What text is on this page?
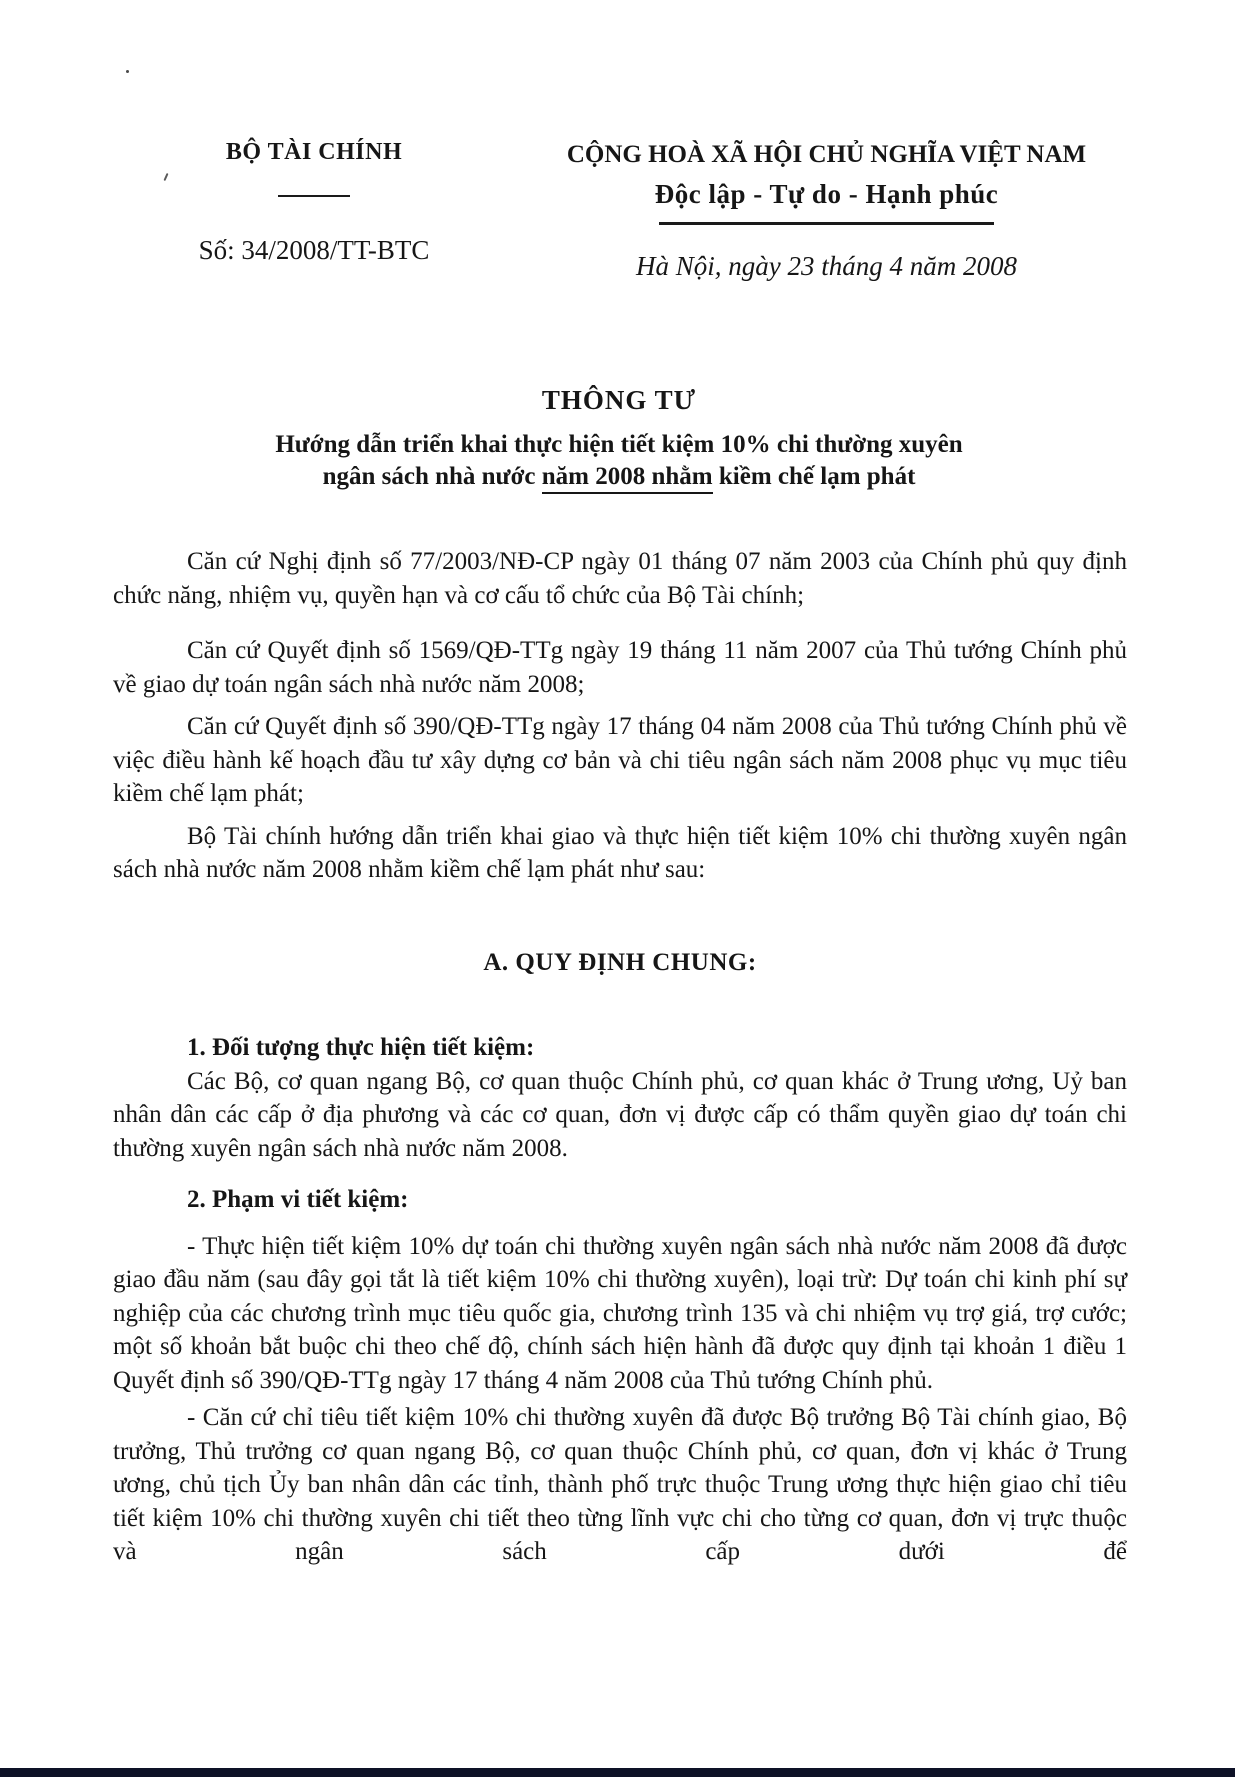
BỘ TÀI CHÍNH
Số: 34/2008/TT-BTC
CỘNG HOÀ XÃ HỘI CHỦ NGHĨA VIỆT NAM
Độc lập - Tự do - Hạnh phúc
Hà Nội, ngày 23 tháng 4 năm 2008
THÔNG TƯ
Hướng dẫn triển khai thực hiện tiết kiệm 10% chi thường xuyên
ngân sách nhà nước năm 2008 nhằm kiềm chế lạm phát

Căn cứ Nghị định số 77/2003/NĐ-CP ngày 01 tháng 07 năm 2003 của Chính phủ quy định chức năng, nhiệm vụ, quyền hạn và cơ cấu tổ chức của Bộ Tài chính;

Căn cứ Quyết định số 1569/QĐ-TTg ngày 19 tháng 11 năm 2007 của Thủ tướng Chính phủ về giao dự toán ngân sách nhà nước năm 2008;

Căn cứ Quyết định số 390/QĐ-TTg ngày 17 tháng 04 năm 2008 của Thủ tướng Chính phủ về việc điều hành kế hoạch đầu tư xây dựng cơ bản và chi tiêu ngân sách năm 2008 phục vụ mục tiêu kiềm chế lạm phát;

Bộ Tài chính hướng dẫn triển khai giao và thực hiện tiết kiệm 10% chi thường xuyên ngân sách nhà nước năm 2008 nhằm kiềm chế lạm phát như sau:

A. QUY ĐỊNH CHUNG:

1. Đối tượng thực hiện tiết kiệm:

Các Bộ, cơ quan ngang Bộ, cơ quan thuộc Chính phủ, cơ quan khác ở Trung ương, Uỷ ban nhân dân các cấp ở địa phương và các cơ quan, đơn vị được cấp có thẩm quyền giao dự toán chi thường xuyên ngân sách nhà nước năm 2008.

2. Phạm vi tiết kiệm:

- Thực hiện tiết kiệm 10% dự toán chi thường xuyên ngân sách nhà nước năm 2008 đã được giao đầu năm (sau đây gọi tắt là tiết kiệm 10% chi thường xuyên), loại trừ: Dự toán chi kinh phí sự nghiệp của các chương trình mục tiêu quốc gia, chương trình 135 và chi nhiệm vụ trợ giá, trợ cước; một số khoản bắt buộc chi theo chế độ, chính sách hiện hành đã được quy định tại khoản 1 điều 1 Quyết định số 390/QĐ-TTg ngày 17 tháng 4 năm 2008 của Thủ tướng Chính phủ.

- Căn cứ chỉ tiêu tiết kiệm 10% chi thường xuyên đã được Bộ trưởng Bộ Tài chính giao, Bộ trưởng, Thủ trưởng cơ quan ngang Bộ, cơ quan thuộc Chính phủ, cơ quan, đơn vị khác ở Trung ương, chủ tịch Ủy ban nhân dân các tỉnh, thành phố trực thuộc Trung ương thực hiện giao chỉ tiêu tiết kiệm 10% chi thường xuyên chi tiết theo từng lĩnh vực chi cho từng cơ quan, đơn vị trực thuộc và ngân sách cấp dưới để
